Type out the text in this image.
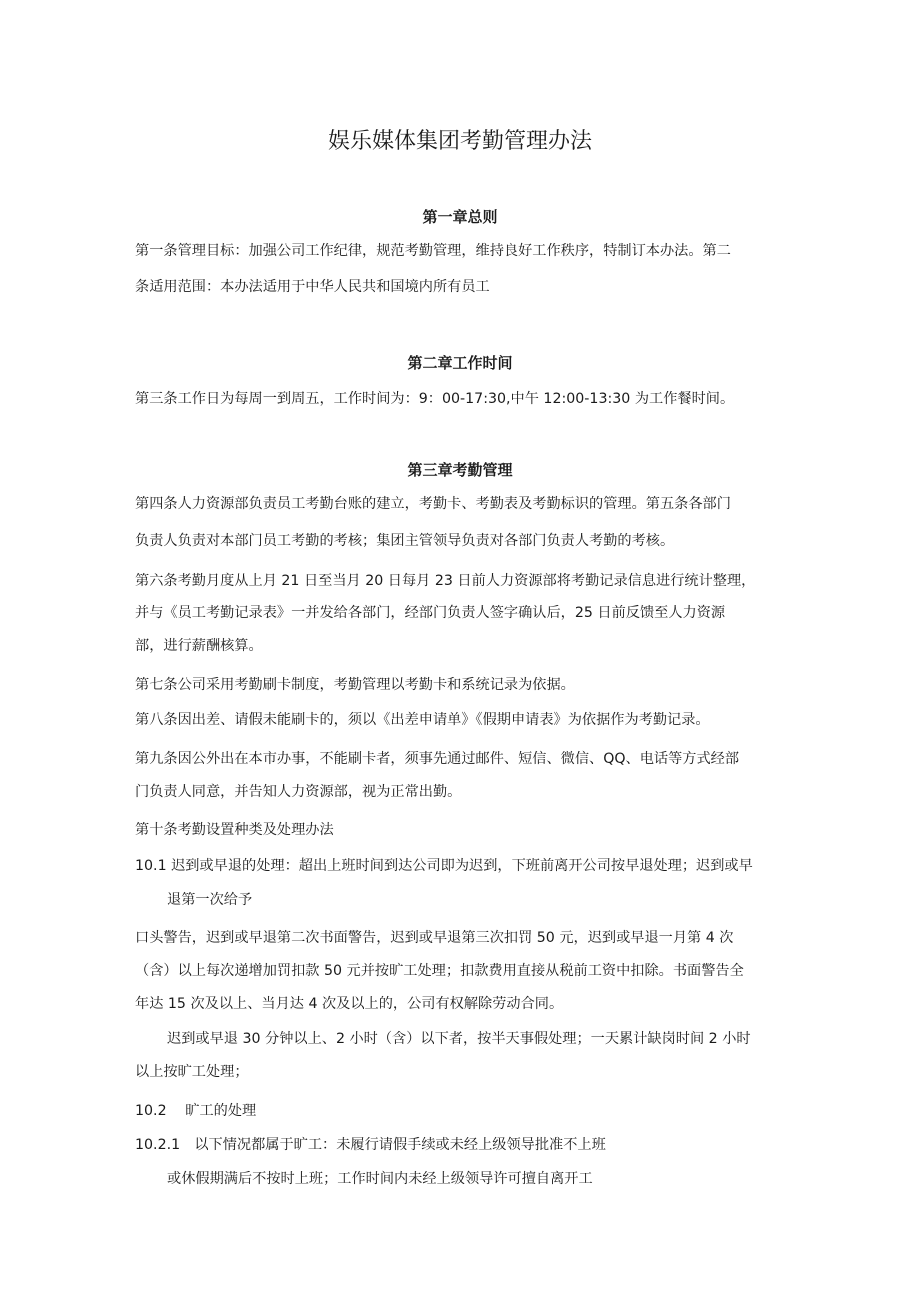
娱乐媒体集团考勤管理办法
第一章总则
第一条管理目标：加强公司工作纪律，规范考勤管理，维持良好工作秩序，特制订本办法。第二
条适用范围：本办法适用于中华人民共和国境内所有员工
第二章工作时间
第三条工作日为每周一到周五，工作时间为：9：00-17:30,中午 12:00-13:30 为工作餐时间。
第三章考勤管理
第四条人力资源部负责员工考勤台账的建立，考勤卡、考勤表及考勤标识的管理。第五条各部门
负责人负责对本部门员工考勤的考核；集团主管领导负责对各部门负责人考勤的考核。
第六条考勤月度从上月 21 日至当月 20 日每月 23 日前人力资源部将考勤记录信息进行统计整理，
并与《员工考勤记录表》一并发给各部门，经部门负责人签字确认后，25 日前反馈至人力资源
部，进行薪酬核算。
第七条公司采用考勤刷卡制度，考勤管理以考勤卡和系统记录为依据。
第八条因出差、请假未能刷卡的，须以《出差申请单》《假期申请表》为依据作为考勤记录。
第九条因公外出在本市办事，不能刷卡者，须事先通过邮件、短信、微信、QQ、电话等方式经部
门负责人同意，并告知人力资源部，视为正常出勤。
第十条考勤设置种类及处理办法
10.1 迟到或早退的处理：超出上班时间到达公司即为迟到，下班前离开公司按早退处理；迟到或早
退第一次给予
口头警告，迟到或早退第二次书面警告，迟到或早退第三次扣罚 50 元，迟到或早退一月第 4 次
（含）以上每次递增加罚扣款 50 元并按旷工处理；扣款费用直接从税前工资中扣除。书面警告全
年达 15 次及以上、当月达 4 次及以上的，公司有权解除劳动合同。
迟到或早退 30 分钟以上、2 小时（含）以下者，按半天事假处理；一天累计缺岗时间 2 小时
以上按旷工处理；
10.2　 旷工的处理
10.2.1　以下情况都属于旷工：未履行请假手续或未经上级领导批准不上班
或休假期满后不按时上班；工作时间内未经上级领导许可擅自离开工
